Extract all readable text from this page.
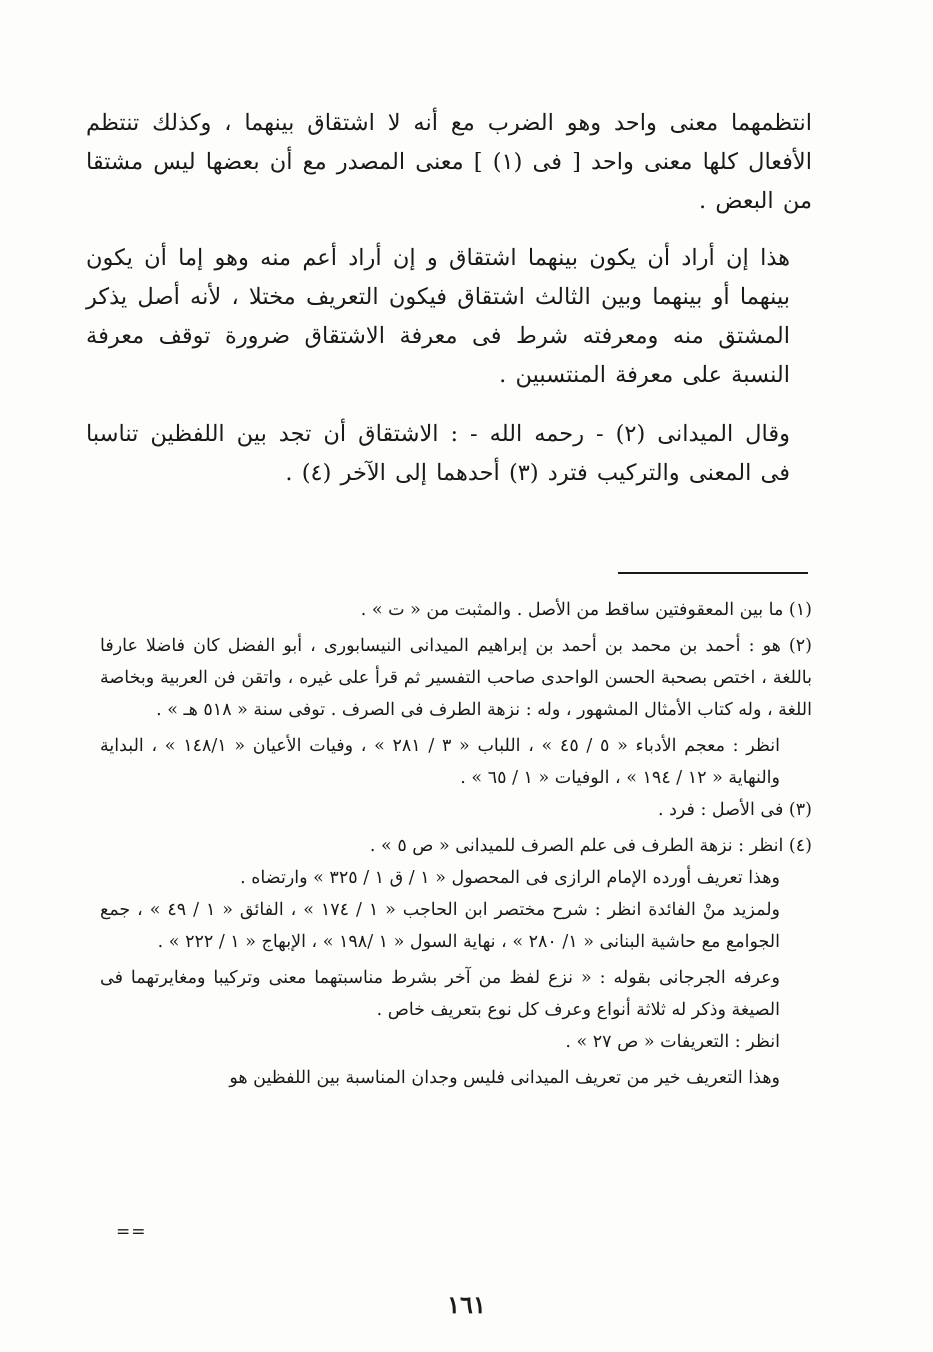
انتظمهما معنى واحد وهو الضرب مع أنه لا اشتقاق بينهما ، وكذلك تنتظم الأفعال كلها معنى واحد [ فى (١) ] معنى المصدر مع أن بعضها ليس مشتقا من البعض .

هذا إن أراد أن يكون بينهما اشتقاق و إن أراد أعم منه وهو إما أن يكون بينهما أو بينهما وبين الثالث اشتقاق فيكون التعريف مختلا ، لأنه أصل يذكر المشتق منه ومعرفته شرط فى معرفة الاشتقاق ضرورة توقف معرفة النسبة على معرفة المنتسبين .

وقال الميدانى (٢) - رحمه الله - : الاشتقاق أن تجد بين اللفظين تناسبا فى المعنى والتركيب فترد (٣) أحدهما إلى الآخر (٤) .

(١) ما بين المعقوفتين ساقط من الأصل . والمثبت من « ت » .

(٢) هو : أحمد بن محمد بن أحمد بن إبراهيم الميدانى النيسابورى ، أبو الفضل كان فاضلا عارفا باللغة ، اختص بصحبة الحسن الواحدى صاحب التفسير ثم قرأ على غيره ، واتقن فن العربية وبخاصة اللغة ، وله كتاب الأمثال المشهور ، وله : نزهة الطرف فى الصرف . توفى سنة « ٥١٨ هـ » .

انظر : معجم الأدباء « ٥ / ٤٥ » ، اللباب « ٣ / ٢٨١ » ، وفيات الأعيان « ١٤٨/١ » ، البداية والنهاية « ١٢ / ١٩٤ » ، الوفيات « ١ / ٦٥ » .

(٣) فى الأصل : فرد .

(٤) انظر : نزهة الطرف فى علم الصرف للميدانى « ص ٥ » .

وهذا تعريف أورده الإمام الرازى فى المحصول « ١ / ق ١ / ٣٢٥ » وارتضاه .

ولمزيد منْ الفائدة انظر : شرح مختصر ابن الحاجب « ١ / ١٧٤ » ، الفائق « ١ / ٤٩ » ، جمع الجوامع مع حاشية البنانى « ١/ ٢٨٠ » ، نهاية السول « ١ /١٩٨ » ، الإبهاج « ١ / ٢٢٢ » .

وعرفه الجرجانى بقوله : « نزع لفظ من آخر بشرط مناسبتهما معنى وتركيبا ومغايرتهما فى الصيغة وذكر له ثلاثة أنواع وعرف كل نوع بتعريف خاص .

انظر : التعريفات « ص ٢٧ » .

وهذا التعريف خير من تعريف الميدانى فليس وجدان المناسبة بين اللفظين هو

==
١٦١
